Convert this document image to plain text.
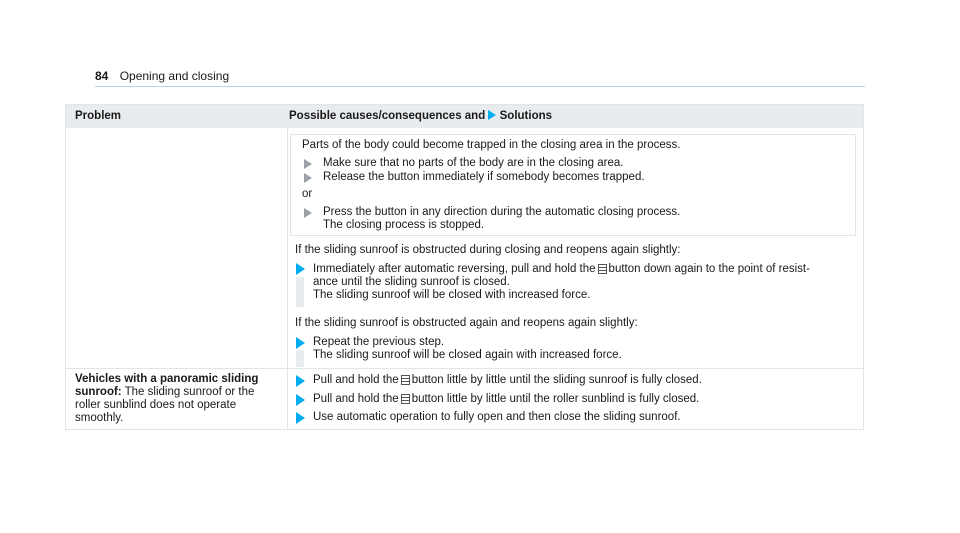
84 Opening and closing
Problem	Possible causes/consequences and Solutions
Parts of the body could become trapped in the closing area in the process.
Make sure that no parts of the body are in the closing area.
Release the button immediately if somebody becomes trapped.
or
Press the button in any direction during the automatic closing process.
The closing process is stopped.
If the sliding sunroof is obstructed during closing and reopens again slightly:
Immediately after automatic reversing, pull and hold the button down again to the point of resist-
ance until the sliding sunroof is closed.
The sliding sunroof will be closed with increased force.
If the sliding sunroof is obstructed again and reopens again slightly:
Repeat the previous step.
The sliding sunroof will be closed again with increased force.
Vehicles with a panoramic sliding
sunroof: The sliding sunroof or the
roller sunblind does not operate
smoothly.
Pull and hold the button little by little until the sliding sunroof is fully closed.
Pull and hold the button little by little until the roller sunblind is fully closed.
Use automatic operation to fully open and then close the sliding sunroof.
